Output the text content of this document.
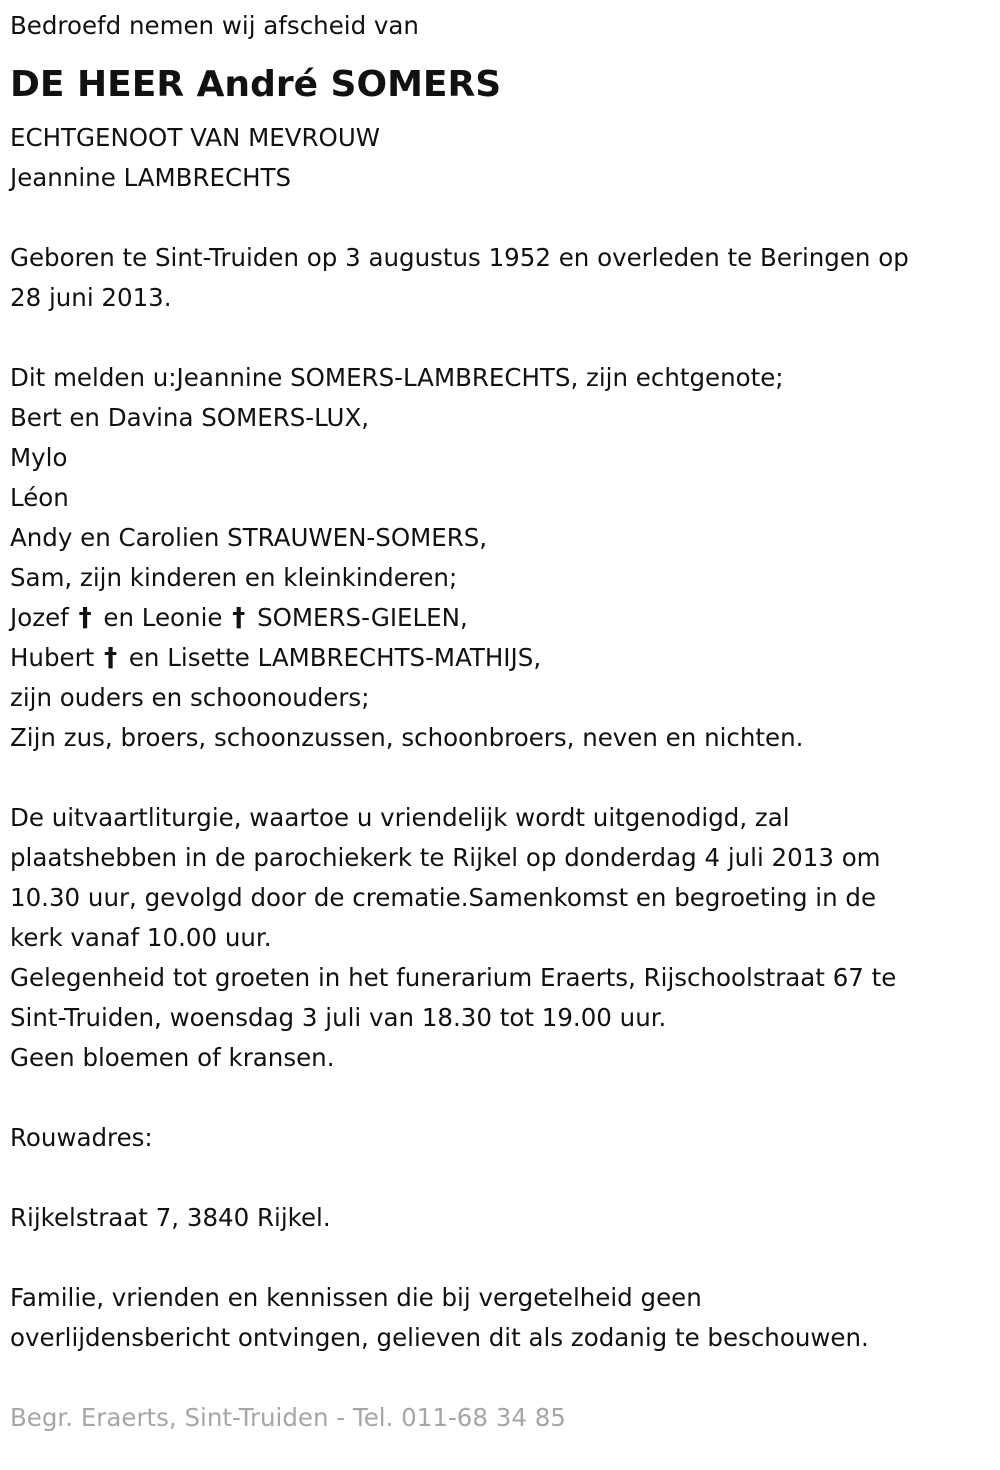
Bedroefd nemen wij afscheid van
DE HEER André SOMERS
ECHTGENOOT VAN MEVROUW
Jeannine LAMBRECHTS
Geboren te Sint-Truiden op 3 augustus 1952 en overleden te Beringen op
28 juni 2013.
Dit melden u:Jeannine SOMERS-LAMBRECHTS, zijn echtgenote;
Bert en Davina SOMERS-LUX,
Mylo
Léon
Andy en Carolien STRAUWEN-SOMERS,
Sam, zijn kinderen en kleinkinderen;
Jozef † en Leonie † SOMERS-GIELEN,
Hubert † en Lisette LAMBRECHTS-MATHIJS,
zijn ouders en schoonouders;
Zijn zus, broers, schoonzussen, schoonbroers, neven en nichten.
De uitvaartliturgie, waartoe u vriendelijk wordt uitgenodigd, zal
plaatshebben in de parochiekerk te Rijkel op donderdag 4 juli 2013 om
10.30 uur, gevolgd door de crematie.Samenkomst en begroeting in de
kerk vanaf 10.00 uur.
Gelegenheid tot groeten in het funerarium Eraerts, Rijschoolstraat 67 te
Sint-Truiden, woensdag 3 juli van 18.30 tot 19.00 uur.
Geen bloemen of kransen.
Rouwadres:
Rijkelstraat 7, 3840 Rijkel.
Familie, vrienden en kennissen die bij vergetelheid geen
overlijdensbericht ontvingen, gelieven dit als zodanig te beschouwen.
Begr. Eraerts, Sint-Truiden - Tel. 011-68 34 85
